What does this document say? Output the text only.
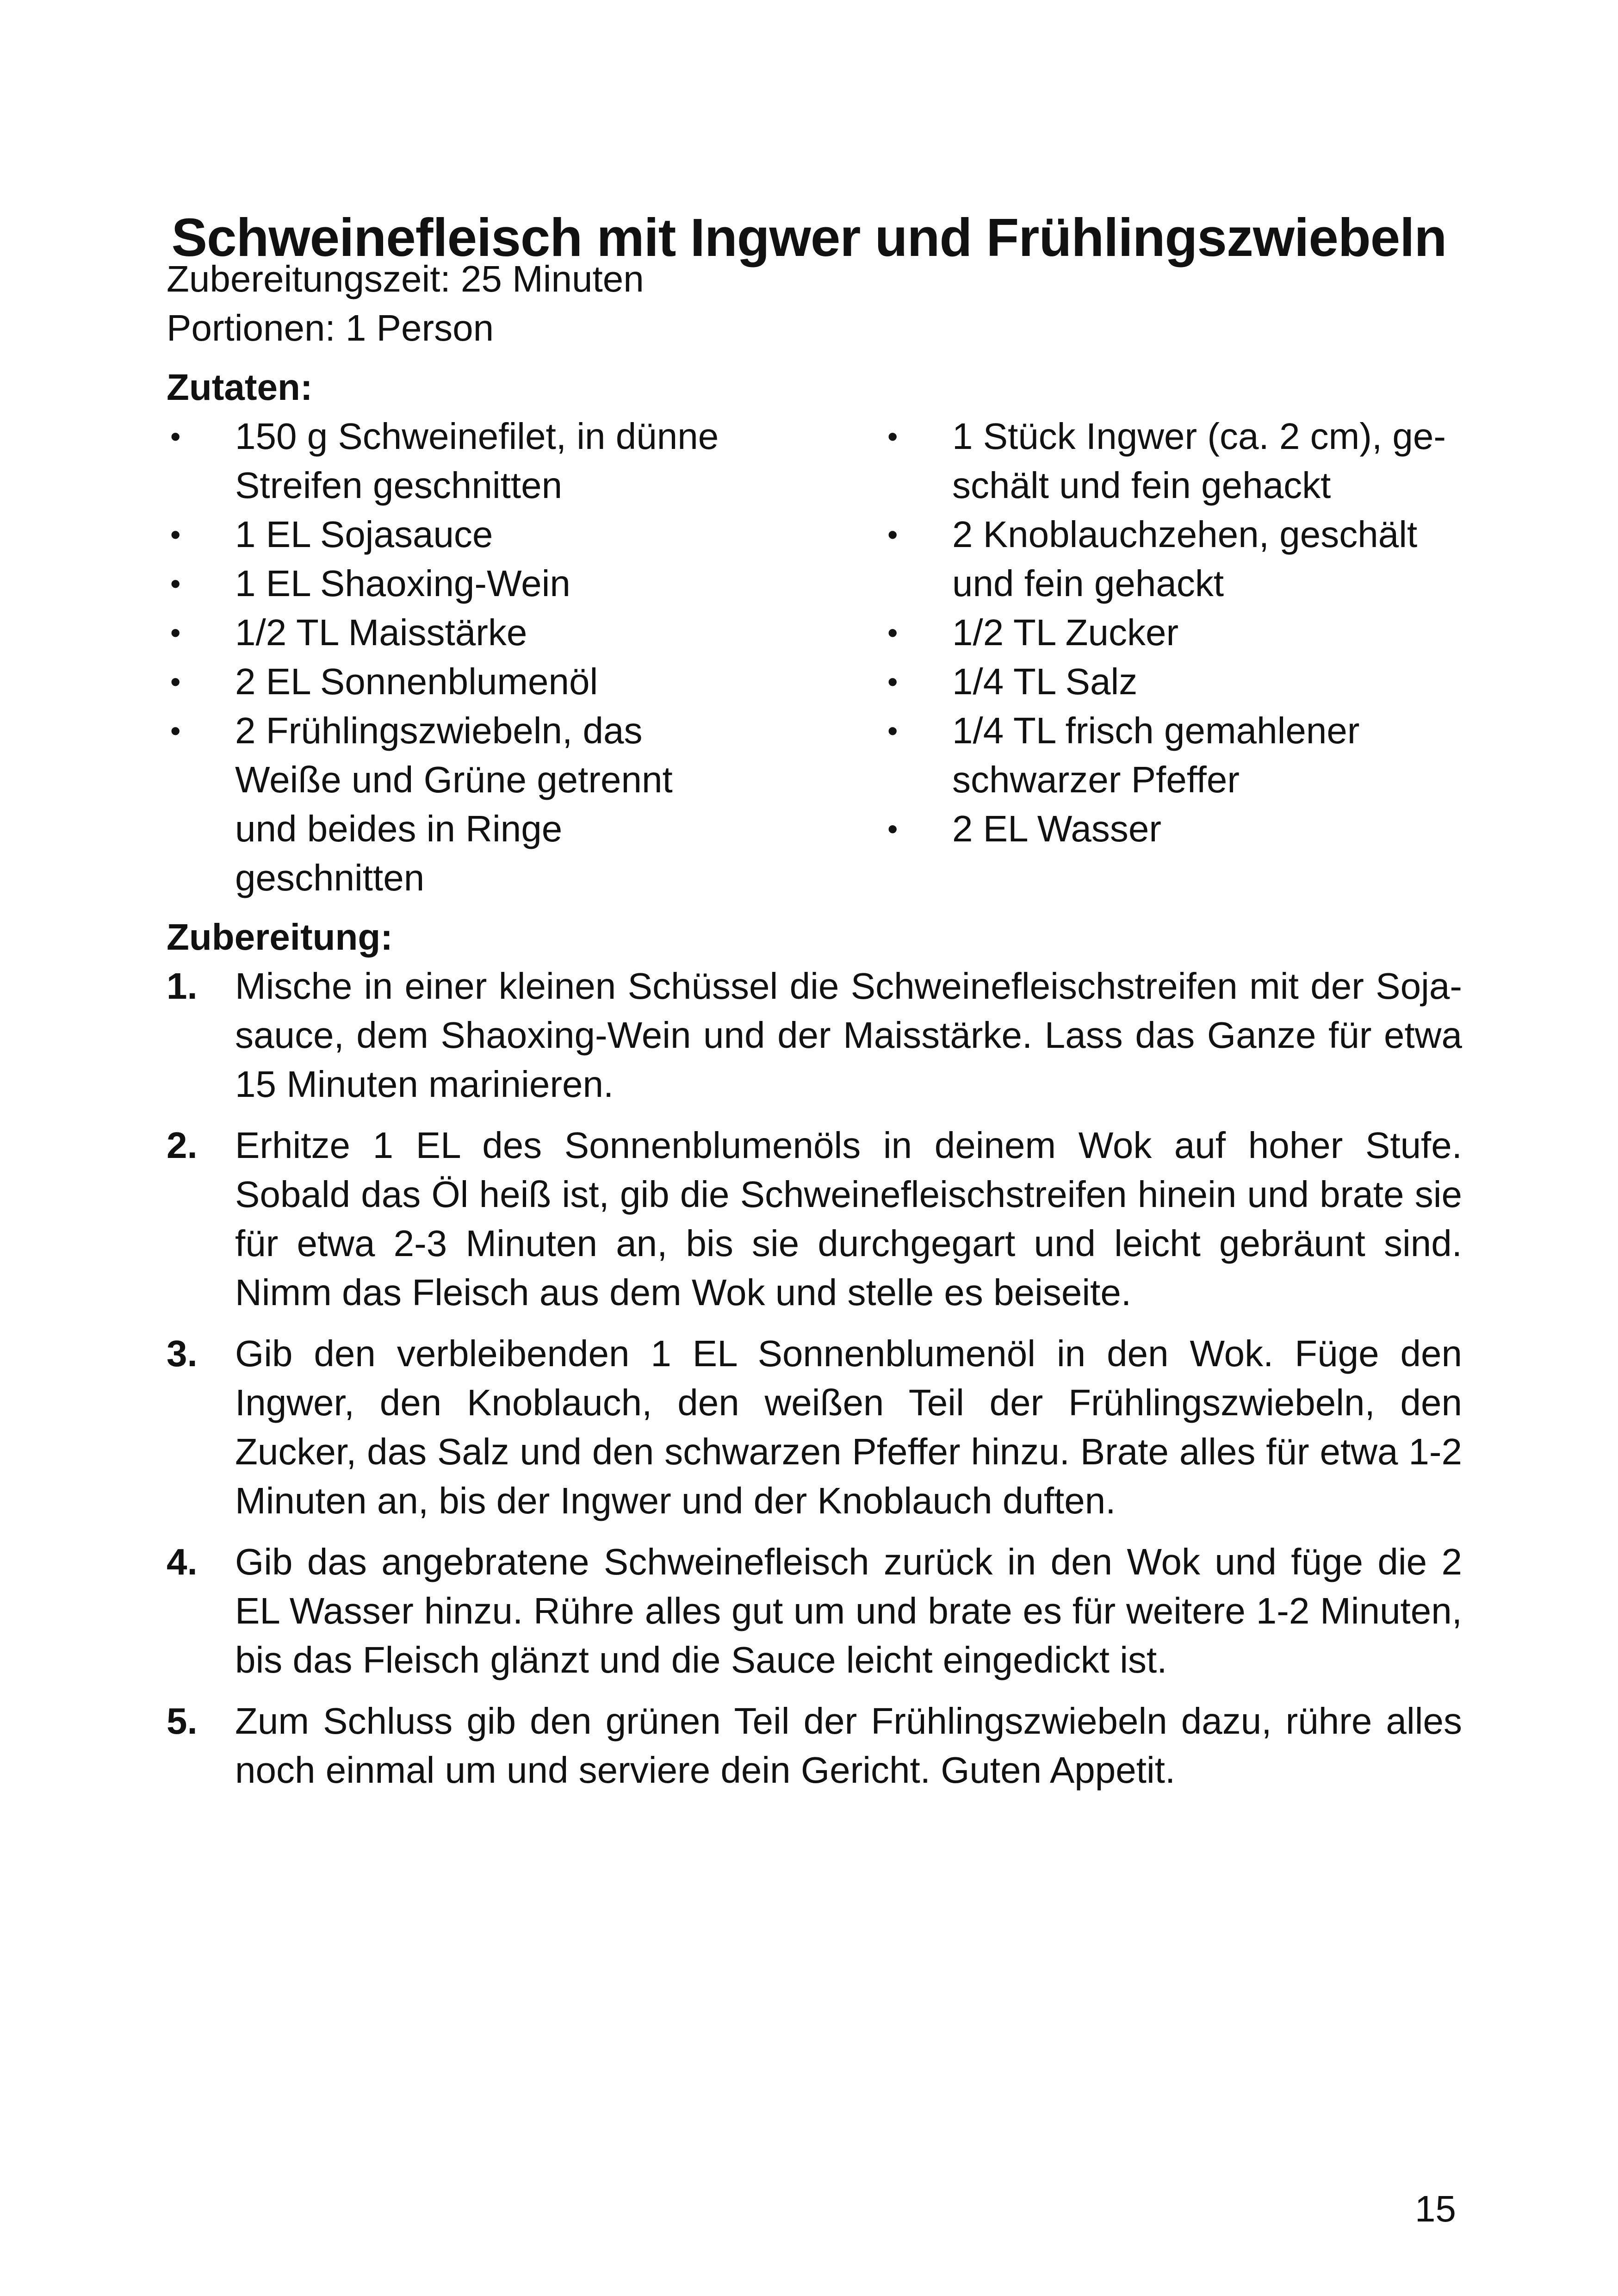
Schweinefleisch mit Ingwer und Frühlingszwiebeln
Zubereitungszeit: 25 Minuten
Portionen: 1 Person
Zutaten:
•	150 g Schweinefilet, in dünne Streifen geschnitten
•	1 EL Sojasauce
•	1 EL Shaoxing-Wein
•	1/2 TL Maisstärke
•	2 EL Sonnenblumenöl
•	2 Frühlingszwiebeln, das Weiße und Grüne getrennt und beides in Ringe geschnitten
•	1 Stück Ingwer (ca. 2 cm), geschält und fein gehackt
•	2 Knoblauchzehen, geschält und fein gehackt
•	1/2 TL Zucker
•	1/4 TL Salz
•	1/4 TL frisch gemahlener schwarzer Pfeffer
•	2 EL Wasser
Zubereitung:
1. Mische in einer kleinen Schüssel die Schweinefleischstreifen mit der Sojasauce, dem Shaoxing-Wein und der Maisstärke. Lass das Ganze für etwa 15 Minuten marinieren.
2. Erhitze 1 EL des Sonnenblumenöls in deinem Wok auf hoher Stufe. Sobald das Öl heiß ist, gib die Schweinefleischstreifen hinein und brate sie für etwa 2-3 Minuten an, bis sie durchgegart und leicht gebräunt sind. Nimm das Fleisch aus dem Wok und stelle es beiseite.
3. Gib den verbleibenden 1 EL Sonnenblumenöl in den Wok. Füge den Ingwer, den Knoblauch, den weißen Teil der Frühlingszwiebeln, den Zucker, das Salz und den schwarzen Pfeffer hinzu. Brate alles für etwa 1-2 Minuten an, bis der Ingwer und der Knoblauch duften.
4. Gib das angebratene Schweinefleisch zurück in den Wok und füge die 2 EL Wasser hinzu. Rühre alles gut um und brate es für weitere 1-2 Minuten, bis das Fleisch glänzt und die Sauce leicht eingedickt ist.
5. Zum Schluss gib den grünen Teil der Frühlingszwiebeln dazu, rühre alles noch einmal um und serviere dein Gericht. Guten Appetit.
15
